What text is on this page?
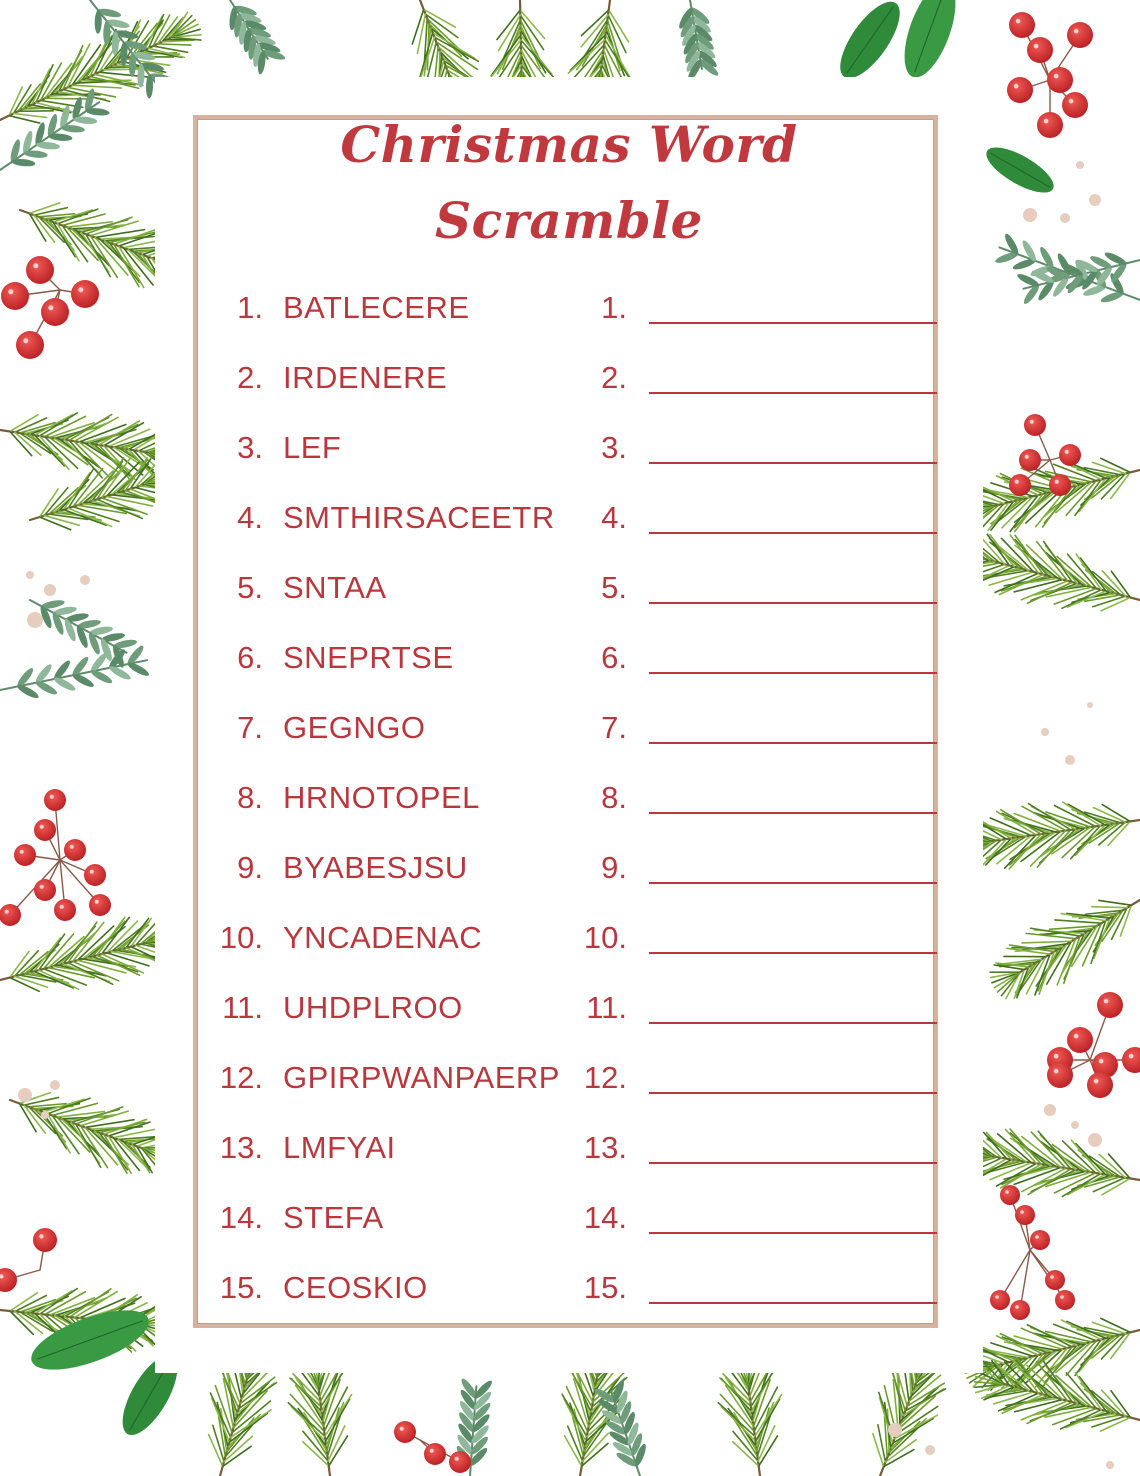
Christmas Word
Scramble
1. BATLECERE	1.
2. IRDENERE	2.
3. LEF	3.
4. SMTHIRSACEETR	4.
5. SNTAA	5.
6. SNEPRTSE	6.
7. GEGNGO	7.
8. HRNOTOPEL	8.
9. BYABESJSU	9.
10. YNCADENAC	10.
11. UHDPLROO	11.
12. GPIRPWANPAERP 12.
13. LMFYAI	13.
14. STEFA	14.
15. CEOSKIO	15.
